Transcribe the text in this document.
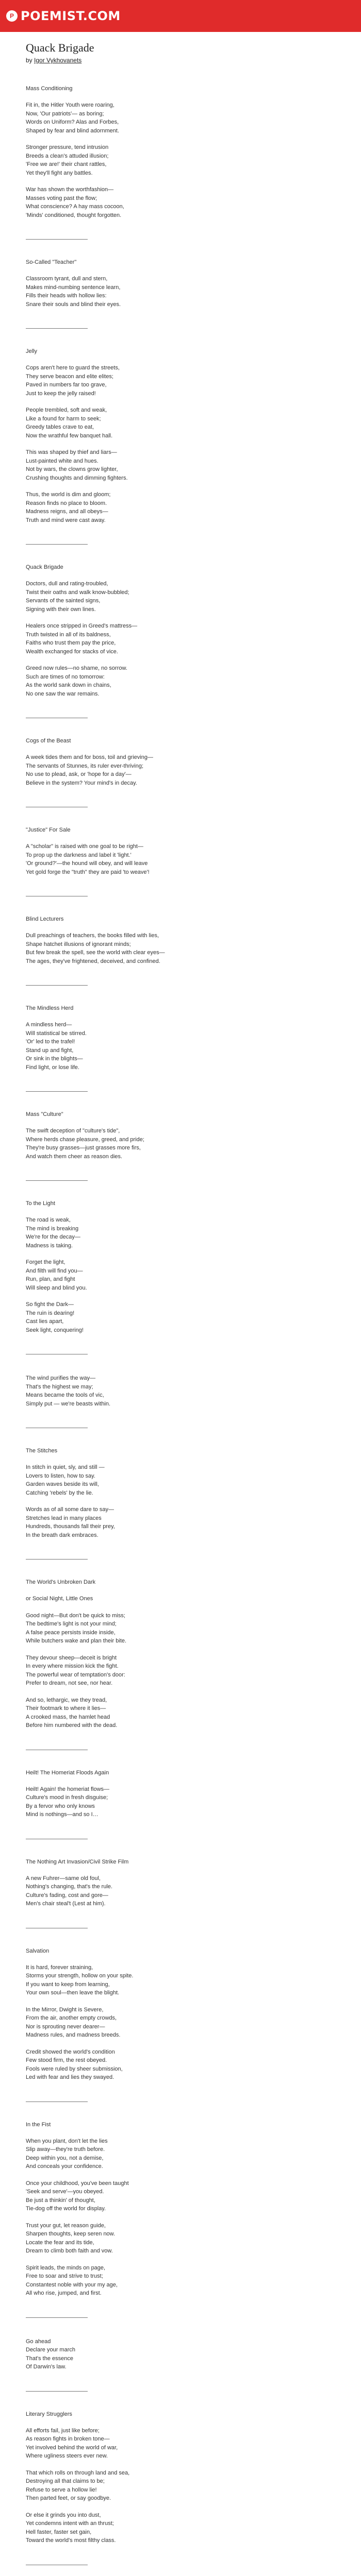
P POEMIST.COM
Quack Brigade

by Igor Vykhovanets

Mass Conditioning

Fit in, the Hitler Youth were roaring,
Now, 'Our patriots'— as boring;
Words on Uniform? Alas and Forbes,
Shaped by fear and blind adornment.

Stronger pressure, tend intrusion
Breeds a clean's attuded illusion;
'Free we are!' their chant rattles,
Yet they'll fight any battles.

War has shown the worthfashion—
Masses voting past the flow;
What conscience? A hay mass cocoon,
'Minds' conditioned, thought forgotten.

So-Called "Teacher"

Classroom tyrant, dull and stern,
Makes mind-numbing sentence learn,
Fills their heads with hollow lies:
Snare their souls and blind their eyes.

Jelly

Cops aren't here to guard the streets,
They serve beacon and elite elites;
Paved in numbers far too grave,
Just to keep the jelly raised!

People trembled, soft and weak,
Like a found for harm to seek;
Greedy tables crave to eat,
Now the wrathful few banquet hall.

This was shaped by thief and liars—
Lust-painted white and hues.
Not by wars, the clowns grow lighter,
Crushing thoughts and dimming fighters.

Thus, the world is dim and gloom;
Reason finds no place to bloom.
Madness reigns, and all obeys—
Truth and mind were cast away.

Quack Brigade

Doctors, dull and rating-troubled,
Twist their oaths and walk know-bubbled;
Servants of the sainted signs,
Signing with their own lines.

Healers once stripped in Greed's mattress—
Truth twisted in all of its baldness,
Faiths who trust them pay the price,
Wealth exchanged for stacks of vice.

Greed now rules—no shame, no sorrow.
Such are times of no tomorrow:
As the world sank down in chains,
No one saw the war remains.

Cogs of the Beast

A week tides them and for boss, toil and grieving—
The servants of Stunnes, its ruler ever-thriving;
No use to plead, ask, or 'hope for a day'—
Believe in the system? Your mind's in decay.

"Justice" For Sale

A "scholar" is raised with one goal to be right—
To prop up the darkness and label it 'light.'
'Or ground?'—the hound will obey, and will leave
Yet gold forge the "truth" they are paid 'to weave'!

Blind Lecturers

Dull preachings of teachers, the books filled with lies,
Shape hatchet illusions of ignorant minds;
But few break the spell, see the world with clear eyes—
The ages, they've frightened, deceived, and confined.

The Mindless Herd

A mindless herd—
Will statistical be stirred.
'Or' led to the trafel!
Stand up and fight,
Or sink in the blights—
Find light, or lose life.

Mass "Culture"

The swift deception of "culture's tide",
Where herds chase pleasure, greed, and pride;
They're busy grasses—just grasses more firs,
And watch them cheer as reason dies.

To the Light

The road is weak,
The mind is breaking
We're for the decay—
Madness is taking.

Forget the light,
And filth will find you—
Run, plan, and fight
Will sleep and blind you.

So fight the Dark—
The ruin is dearing!
Cast lies apart,
Seek light, conquering!

The wind purifies the way—
That's the highest we may;
Means became the tools of vic,
Simply put — we're beasts within.

The Stitches

In stitch in quiet, sly, and still —
Lovers to listen, how to say.
Garden waves beside its will,
Catching 'rebels' by the lie.

Words as of all some dare to say—
Stretches lead in many places
Hundreds, thousands fall their prey,
In the breath dark embraces.

The World's Unbroken Dark

or Social Night, Little Ones

Good night—But don't be quick to miss;
The bedtime's light is not your mind;
A false peace persists inside inside,
While butchers wake and plan their bite.

They devour sheep—deceit is bright
In every where mission kick the fight.
The powerful wear of temptation's door:
Prefer to dream, not see, nor hear.

And so, lethargic, we they tread,
Their footmark to where it lies—
A crooked mass, the hamlet head
Before him numbered with the dead.

Heilt! The Homeriat Floods Again

Heilt! Again! the homeriat flows—
Culture's mood in fresh disguise;
By a fervor who only knows
Mind is nothings—and so I…

The Nothing Art Invasion/Civil Strike Film

A new Fuhrer—same old foul,
Nothing's changing, that's the rule.
Culture's fading, cost and gore—
Men's chair steal't (Lest at him).

Salvation

It is hard, forever straining,
Storms your strength, hollow on your spite.
If you want to keep from learning,
Your own soul—then leave the blight.

In the Mirror, Dwight is Severe,
From the air, another empty crowds,
Nor is sprouting never dearer—
Madness rules, and madness breeds.

Credit showed the world's condition
Few stood firm, the rest obeyed.
Fools were ruled by sheer submission,
Led with fear and lies they swayed.

In the Fist

When you plant, don't let the lies
Slip away—they're truth before.
Deep within you, not a demise,
And conceals your confidence.

Once your childhood, you've been taught
'Seek and serve'—you obeyed.
Be just a thinkin' of thought,
Tie-dog off the world for display.

Trust your gut, let reason guide,
Sharpen thoughts, keep seren now.
Locate the fear and its tide,
Dream to climb both faith and vow.

Spirit leads, the minds on page,
Free to soar and strive to trust;
Constantest noble with your my age,
All who rise, jumped, and first.

Go ahead
Declare your march
That's the essence
Of Darwin's law.

Literary Strugglers

All efforts fail, just like before;
As reason fights in broken tone—
Yet involved behind the world of war,
Where ugliness steers ever new.

That which rolls on through land and sea,
Destroying all that claims to be;
Refuse to serve a hollow lie!
Then parted feet, or say goodbye.

Or else it grinds you into dust,
Yet condemns intent with an thrust;
Hell faster, faster set gain,
Toward the world's most filthy class.
